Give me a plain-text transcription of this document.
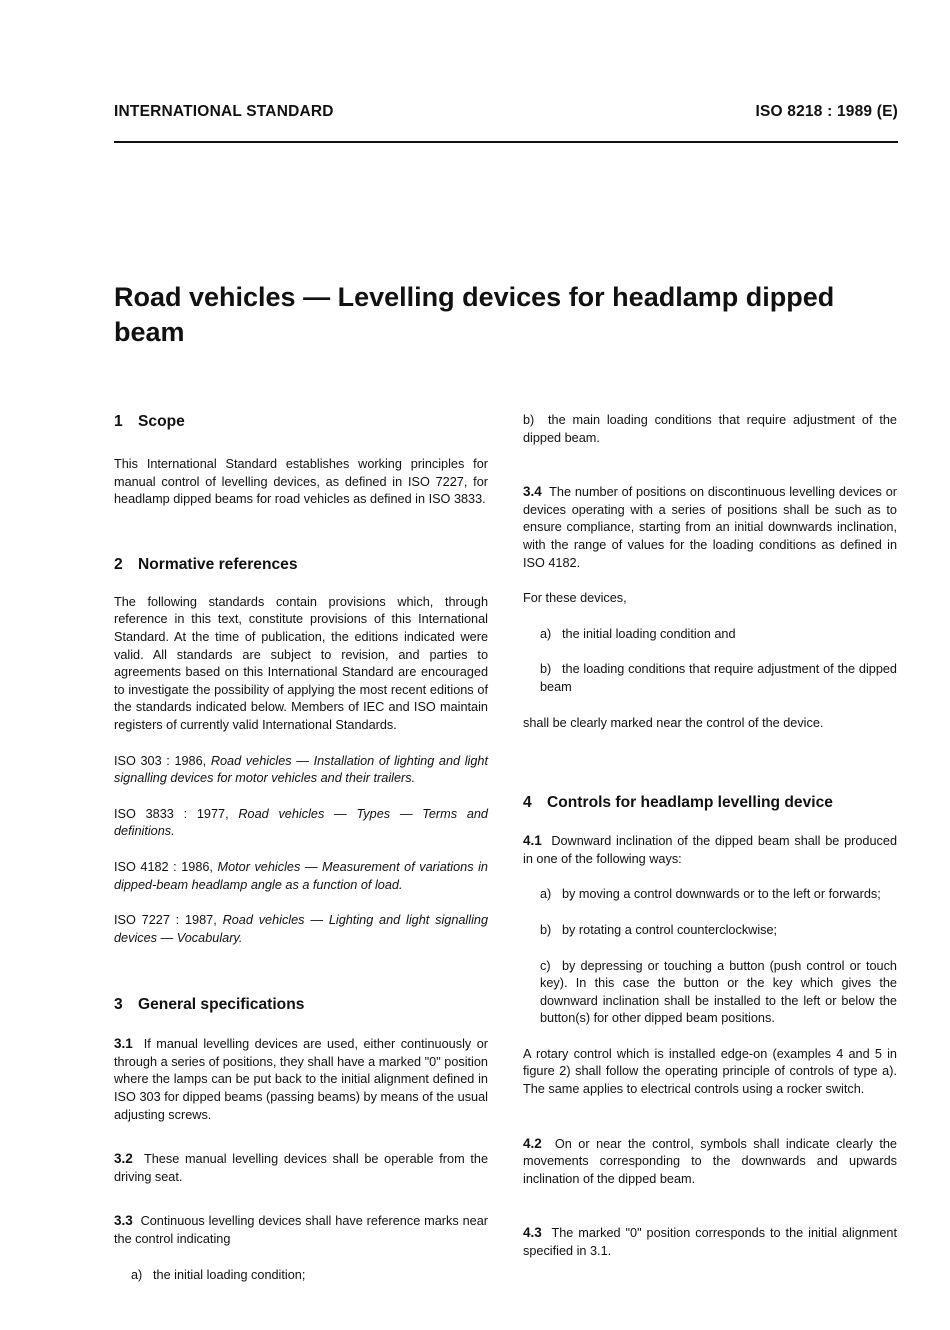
INTERNATIONAL STANDARD	ISO 8218 : 1989 (E)
Road vehicles — Levelling devices for headlamp dipped
beam
1 Scope

This International Standard establishes working principles for manual control of levelling devices, as defined in ISO 7227, for headlamp dipped beams for road vehicles as defined in ISO 3833.

2 Normative references

The following standards contain provisions which, through reference in this text, constitute provisions of this International Standard. At the time of publication, the editions indicated were valid. All standards are subject to revision, and parties to agreements based on this International Standard are encouraged to investigate the possibility of applying the most recent editions of the standards indicated below. Members of IEC and ISO maintain registers of currently valid International Standards.

ISO 303 : 1986, Road vehicles — Installation of lighting and light signalling devices for motor vehicles and their trailers.

ISO 3833 : 1977, Road vehicles — Types — Terms and definitions.

ISO 4182 : 1986, Motor vehicles — Measurement of variations in dipped-beam headlamp angle as a function of load.

ISO 7227 : 1987, Road vehicles — Lighting and light signalling devices — Vocabulary.

3 General specifications

3.1 If manual levelling devices are used, either continuously or through a series of positions, they shall have a marked "0" position where the lamps can be put back to the initial alignment defined in ISO 303 for dipped beams (passing beams) by means of the usual adjusting screws.

3.2 These manual levelling devices shall be operable from the driving seat.

3.3 Continuous levelling devices shall have reference marks near the control indicating

a) the initial loading condition;

b) the main loading conditions that require adjustment of the dipped beam.

3.4 The number of positions on discontinuous levelling devices or devices operating with a series of positions shall be such as to ensure compliance, starting from an initial downwards inclination, with the range of values for the loading conditions as defined in ISO 4182.

For these devices,

a) the initial loading condition and

b) the loading conditions that require adjustment of the dipped beam

shall be clearly marked near the control of the device.

4 Controls for headlamp levelling device

4.1 Downward inclination of the dipped beam shall be produced in one of the following ways:

a) by moving a control downwards or to the left or forwards;

b) by rotating a control counterclockwise;

c) by depressing or touching a button (push control or touch key). In this case the button or the key which gives the downward inclination shall be installed to the left or below the button(s) for other dipped beam positions.

A rotary control which is installed edge-on (examples 4 and 5 in figure 2) shall follow the operating principle of controls of type a). The same applies to electrical controls using a rocker switch.

4.2 On or near the control, symbols shall indicate clearly the movements corresponding to the downwards and upwards inclination of the dipped beam.

4.3 The marked "0" position corresponds to the initial alignment specified in 3.1.
